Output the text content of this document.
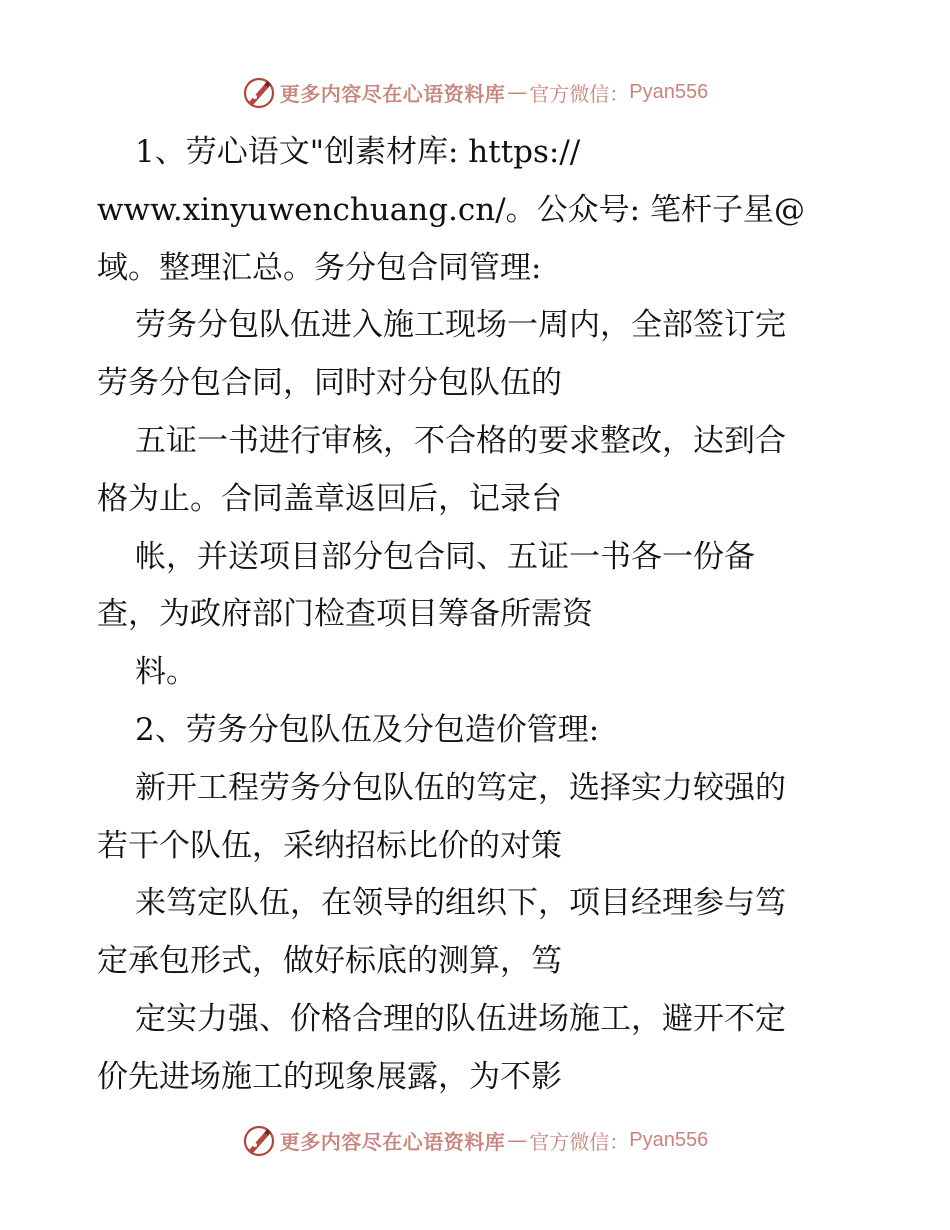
更多内容尽在心语资料库 — 官方微信： Pyan556
1、劳心语文"创素材库: https://
www.xinyuwenchuang.cn/。公众号: 笔杆子星@
域。整理汇总。务分包合同管理:
劳务分包队伍进入施工现场一周内，全部签订完
劳务分包合同，同时对分包队伍的
五证一书进行审核，不合格的要求整改，达到合
格为止。合同盖章返回后，记录台
帐，并送项目部分包合同、五证一书各一份备
查，为政府部门检查项目筹备所需资
料。
2、劳务分包队伍及分包造价管理:
新开工程劳务分包队伍的笃定，选择实力较强的
若干个队伍，采纳招标比价的对策
来笃定队伍，在领导的组织下，项目经理参与笃
定承包形式，做好标底的测算，笃
定实力强、价格合理的队伍进场施工，避开不定
价先进场施工的现象展露，为不影
更多内容尽在心语资料库 — 官方微信： Pyan556
